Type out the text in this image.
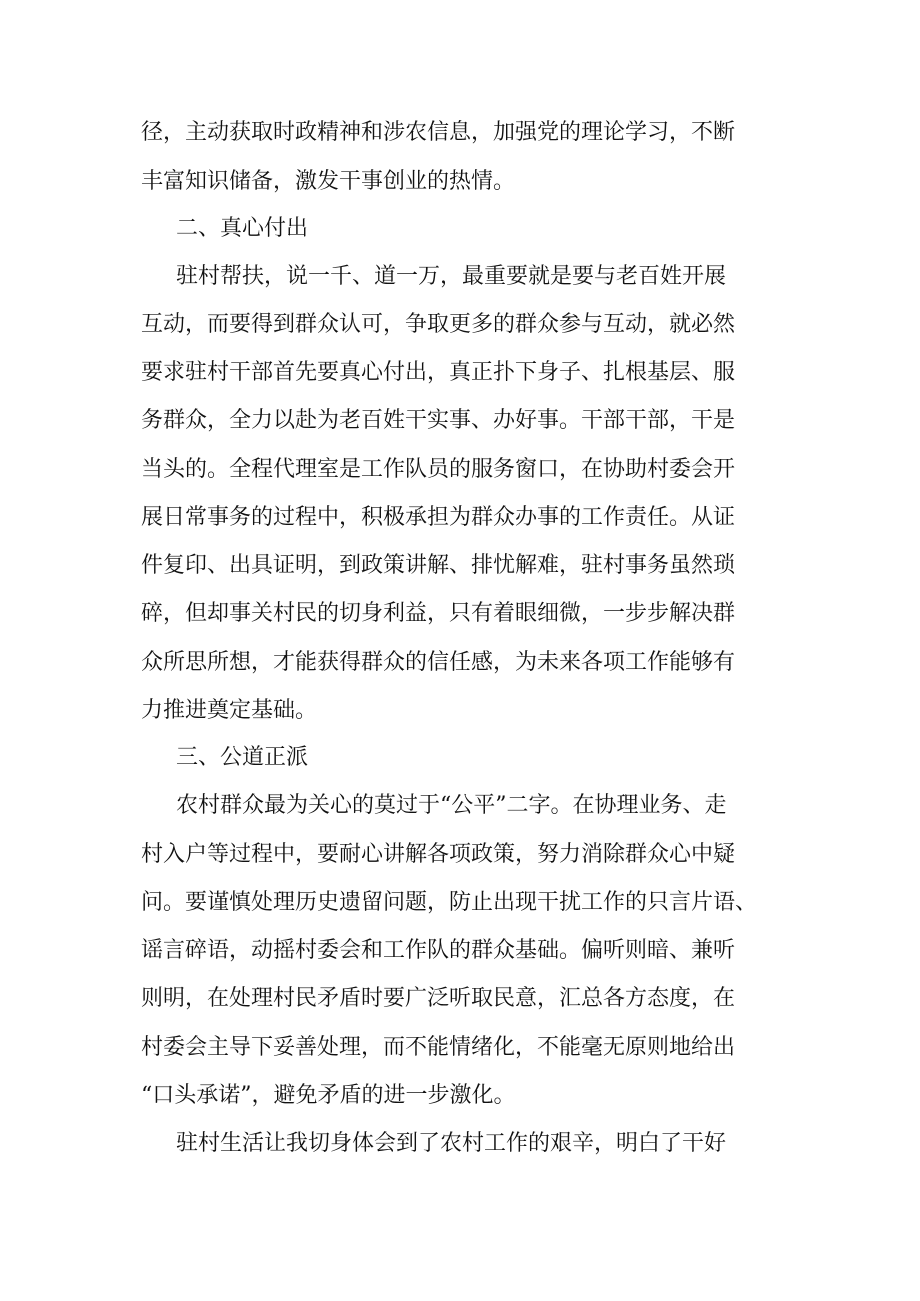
径，主动获取时政精神和涉农信息，加强党的理论学习，不断

丰富知识储备，激发干事创业的热情。

二、真心付出

驻村帮扶，说一千、道一万，最重要就是要与老百姓开展

互动，而要得到群众认可，争取更多的群众参与互动，就必然

要求驻村干部首先要真心付出，真正扑下身子、扎根基层、服

务群众，全力以赴为老百姓干实事、办好事。干部干部，干是

当头的。全程代理室是工作队员的服务窗口，在协助村委会开

展日常事务的过程中，积极承担为群众办事的工作责任。从证

件复印、出具证明，到政策讲解、排忧解难，驻村事务虽然琐

碎，但却事关村民的切身利益，只有着眼细微，一步步解决群

众所思所想，才能获得群众的信任感，为未来各项工作能够有

力推进奠定基础。

三、公道正派

农村群众最为关心的莫过于“公平”二字。在协理业务、走

村入户等过程中，要耐心讲解各项政策，努力消除群众心中疑

问。要谨慎处理历史遗留问题，防止出现干扰工作的只言片语、

谣言碎语，动摇村委会和工作队的群众基础。偏听则暗、兼听

则明，在处理村民矛盾时要广泛听取民意，汇总各方态度，在

村委会主导下妥善处理，而不能情绪化，不能毫无原则地给出

“口头承诺”，避免矛盾的进一步激化。

驻村生活让我切身体会到了农村工作的艰辛，明白了干好
